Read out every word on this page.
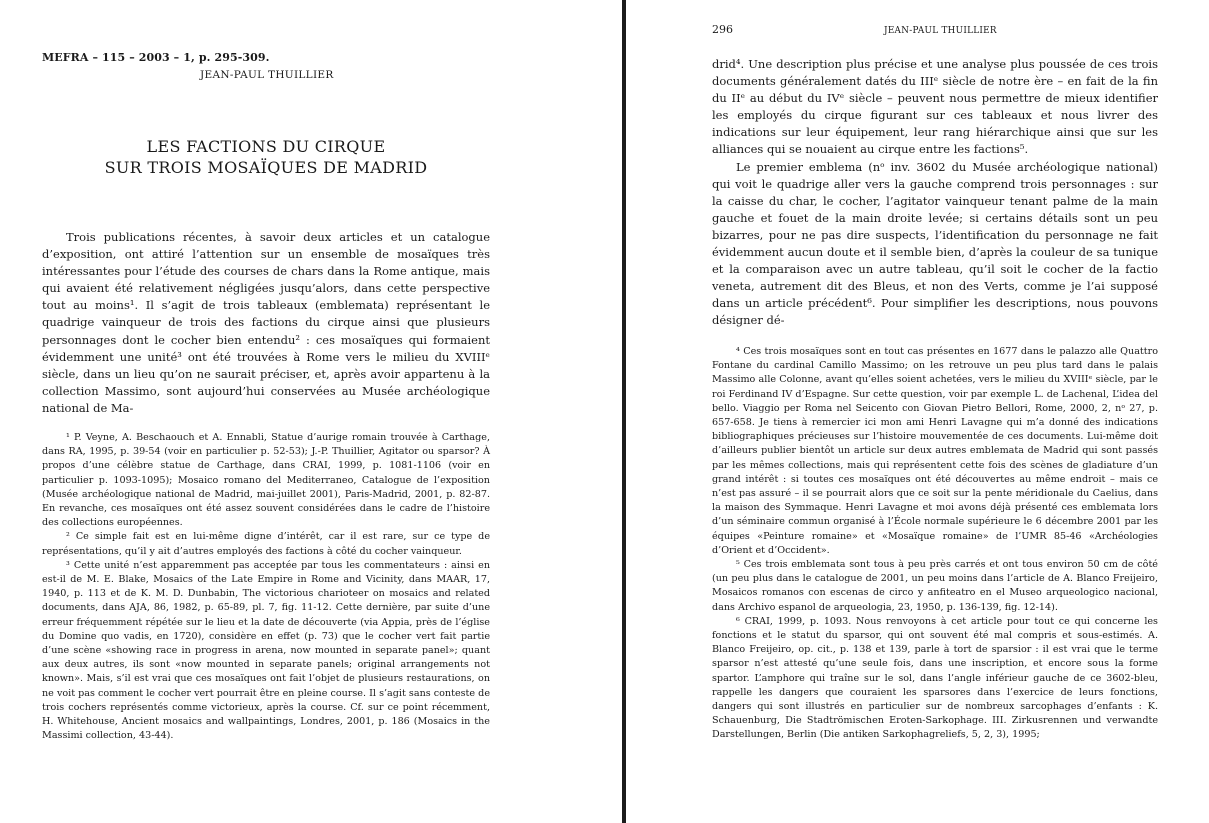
MEFRA – 115 – 2003 – 1, p. 295-309.
JEAN-PAUL THUILLIER
LES FACTIONS DU CIRQUE
SUR TROIS MOSAÏQUES DE MADRID

Trois publications récentes, à savoir deux articles et un catalogue d’exposition, ont attiré l’attention sur un ensemble de mosaïques très intéressantes pour l’étude des courses de chars dans la Rome antique, mais qui avaient été relativement négligées jusqu’alors, dans cette perspective tout au moins¹. Il s’agit de trois tableaux (emblemata) représentant le quadrige vainqueur de trois des factions du cirque ainsi que plusieurs personnages dont le cocher bien entendu² : ces mosaïques qui formaient évidemment une unité³ ont été trouvées à Rome vers le milieu du XVIIIᵉ siècle, dans un lieu qu’on ne saurait préciser, et, après avoir appartenu à la collection Massimo, sont aujourd’hui conservées au Musée archéologique national de Ma-

¹ P. Veyne, A. Beschaouch et A. Ennabli, Statue d’aurige romain trouvée à Carthage, dans RA, 1995, p. 39-54 (voir en particulier p. 52-53); J.-P. Thuillier, Agitator ou sparsor? À propos d’une célèbre statue de Carthage, dans CRAI, 1999, p. 1081-1106 (voir en particulier p. 1093-1095); Mosaico romano del Mediterraneo, Catalogue de l’exposition (Musée archéologique national de Madrid, mai-juillet 2001), Paris-Madrid, 2001, p. 82-87. En revanche, ces mosaïques ont été assez souvent considérées dans le cadre de l’histoire des collections européennes.

² Ce simple fait est en lui-même digne d’intérêt, car il est rare, sur ce type de représentations, qu’il y ait d’autres employés des factions à côté du cocher vainqueur.

³ Cette unité n’est apparemment pas acceptée par tous les commentateurs : ainsi en est-il de M. E. Blake, Mosaics of the Late Empire in Rome and Vicinity, dans MAAR, 17, 1940, p. 113 et de K. M. D. Dunbabin, The victorious charioteer on mosaics and related documents, dans AJA, 86, 1982, p. 65-89, pl. 7, fig. 11-12. Cette dernière, par suite d’une erreur fréquemment répétée sur le lieu et la date de découverte (via Appia, près de l’église du Domine quo vadis, en 1720), considère en effet (p. 73) que le cocher vert fait partie d’une scène «showing race in progress in arena, now mounted in separate panel»; quant aux deux autres, ils sont «now mounted in separate panels; original arrangements not known». Mais, s’il est vrai que ces mosaïques ont fait l’objet de plusieurs restaurations, on ne voit pas comment le cocher vert pourrait être en pleine course. Il s’agit sans conteste de trois cochers représentés comme victorieux, après la course. Cf. sur ce point récemment, H. Whitehouse, Ancient mosaics and wallpaintings, Londres, 2001, p. 186 (Mosaics in the Massimi collection, 43-44).

296	JEAN-PAUL THUILLIER

drid⁴. Une description plus précise et une analyse plus poussée de ces trois documents généralement datés du IIIᵉ siècle de notre ère – en fait de la fin du IIᵉ au début du IVᵉ siècle – peuvent nous permettre de mieux identifier les employés du cirque figurant sur ces tableaux et nous livrer des indications sur leur équipement, leur rang hiérarchique ainsi que sur les alliances qui se nouaient au cirque entre les factions⁵.

Le premier emblema (nᵒ inv. 3602 du Musée archéologique national) qui voit le quadrige aller vers la gauche comprend trois personnages : sur la caisse du char, le cocher, l’agitator vainqueur tenant palme de la main gauche et fouet de la main droite levée; si certains détails sont un peu bizarres, pour ne pas dire suspects, l’identification du personnage ne fait évidemment aucun doute et il semble bien, d’après la couleur de sa tunique et la comparaison avec un autre tableau, qu’il soit le cocher de la factio veneta, autrement dit des Bleus, et non des Verts, comme je l’ai supposé dans un article précédent⁶. Pour simplifier les descriptions, nous pouvons désigner dé-

⁴ Ces trois mosaïques sont en tout cas présentes en 1677 dans le palazzo alle Quattro Fontane du cardinal Camillo Massimo; on les retrouve un peu plus tard dans le palais Massimo alle Colonne, avant qu’elles soient achetées, vers le milieu du XVIIIᵉ siècle, par le roi Ferdinand IV d’Espagne. Sur cette question, voir par exemple L. de Lachenal, L’idea del bello. Viaggio per Roma nel Seicento con Giovan Pietro Bellori, Rome, 2000, 2, nᵒ 27, p. 657-658. Je tiens à remercier ici mon ami Henri Lavagne qui m’a donné des indications bibliographiques précieuses sur l’histoire mouvementée de ces documents. Lui-même doit d’ailleurs publier bientôt un article sur deux autres emblemata de Madrid qui sont passés par les mêmes collections, mais qui représentent cette fois des scènes de gladiature d’un grand intérêt : si toutes ces mosaïques ont été découvertes au même endroit – mais ce n’est pas assuré – il se pourrait alors que ce soit sur la pente méridionale du Caelius, dans la maison des Symmaque. Henri Lavagne et moi avons déjà présenté ces emblemata lors d’un séminaire commun organisé à l’École normale supérieure le 6 décembre 2001 par les équipes «Peinture romaine» et «Mosaïque romaine» de l’UMR 85-46 «Archéologies d’Orient et d’Occident».

⁵ Ces trois emblemata sont tous à peu près carrés et ont tous environ 50 cm de côté (un peu plus dans le catalogue de 2001, un peu moins dans l’article de A. Blanco Freijeiro, Mosaicos romanos con escenas de circo y anfiteatro en el Museo arqueologico nacional, dans Archivo espanol de arqueologia, 23, 1950, p. 136-139, fig. 12-14).

⁶ CRAI, 1999, p. 1093. Nous renvoyons à cet article pour tout ce qui concerne les fonctions et le statut du sparsor, qui ont souvent été mal compris et sous-estimés. A. Blanco Freijeiro, op. cit., p. 138 et 139, parle à tort de sparsior : il est vrai que le terme sparsor n’est attesté qu’une seule fois, dans une inscription, et encore sous la forme spartor. L’amphore qui traîne sur le sol, dans l’angle inférieur gauche de ce 3602-bleu, rappelle les dangers que couraient les sparsores dans l’exercice de leurs fonctions, dangers qui sont illustrés en particulier sur de nombreux sarcophages d’enfants : K. Schauenburg, Die Stadtrömischen Eroten-Sarkophage. III. Zirkusrennen und verwandte Darstellungen, Berlin (Die antiken Sarkophagreliefs, 5, 2, 3), 1995;
